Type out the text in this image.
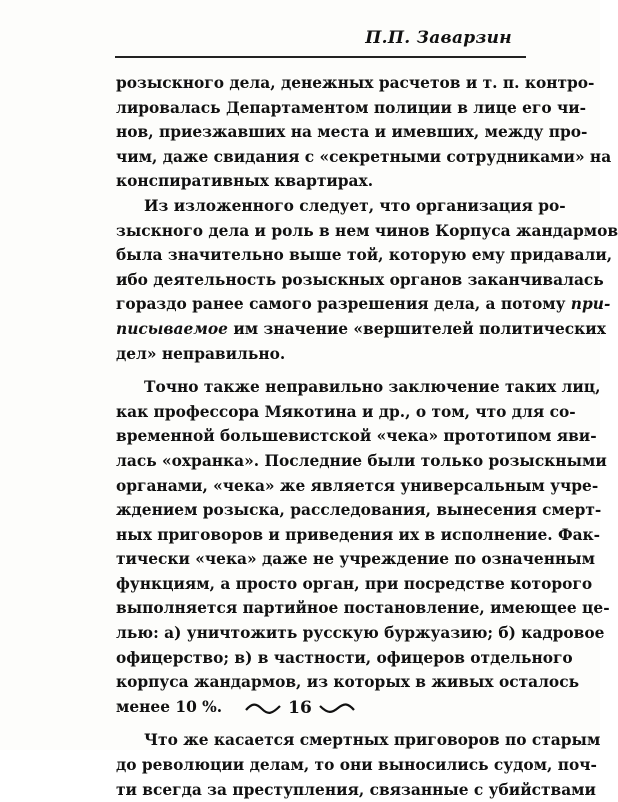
П.П. Заварзин
розыскного дела, денежных расчетов и т. п. контро-
лировалась Департаментом полиции в лице его чи-
нов, приезжавших на места и имевших, между про-
чим, даже свидания с «секретными сотрудниками» на
конспиративных квартирах.
Из изложенного следует, что организация ро-
зыскного дела и роль в нем чинов Корпуса жандармов
была значительно выше той, которую ему придавали,
ибо деятельность розыскных органов заканчивалась
гораздо ранее самого разрешения дела, а потому при-
писываемое им значение «вершителей политических
дел» неправильно.
Точно также неправильно заключение таких лиц,
как профессора Мякотина и др., о том, что для со-
временной большевистской «чека» прототипом яви-
лась «охранка». Последние были только розыскными
органами, «чека» же является универсальным учре-
ждением розыска, расследования, вынесения смерт-
ных приговоров и приведения их в исполнение. Фак-
тически «чека» даже не учреждение по означенным
функциям, а просто орган, при посредстве которого
выполняется партийное постановление, имеющее це-
лью: а) уничтожить русскую буржуазию; б) кадровое
офицерство; в) в частности, офицеров отдельного
корпуса жандармов, из которых в живых осталось
менее 10 %.
Что же касается смертных приговоров по старым
до революции делам, то они выносились судом, поч-
ти всегда за преступления, связанные с убийствами
16
